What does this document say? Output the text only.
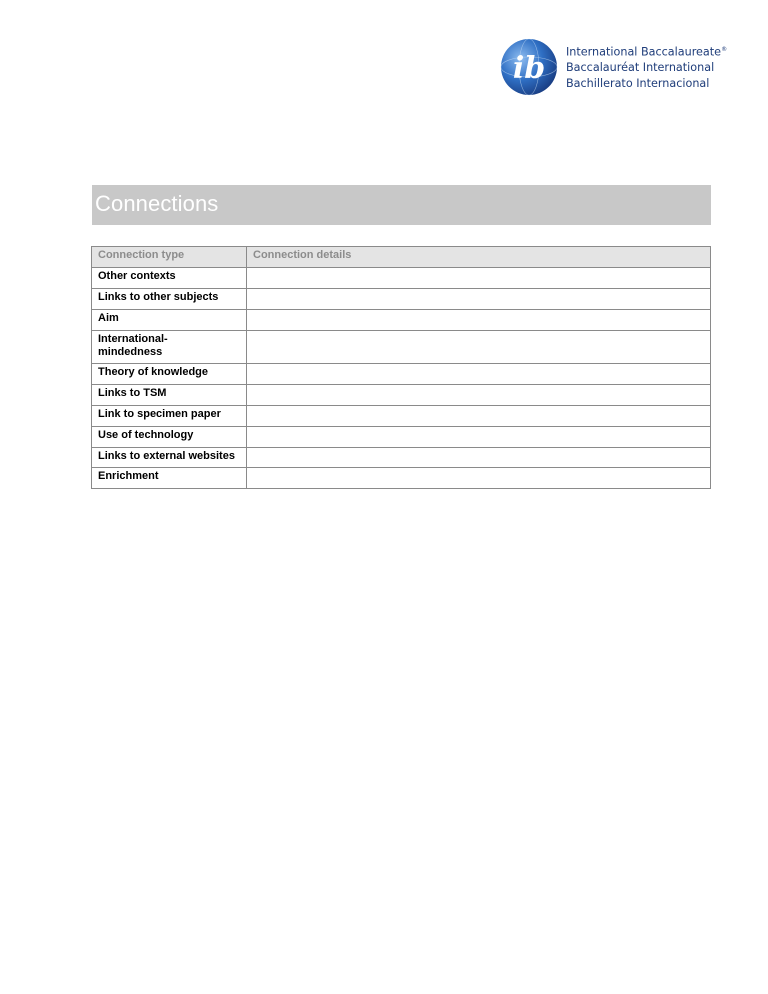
ib International Baccalaureate®
Baccalauréat International
Bachillerato Internacional
Connections
Connection type	Connection details
Other contexts	
Links to other subjects	
Aim	
International-
mindedness	
Theory of knowledge	
Links to TSM	
Link to specimen paper	
Use of technology	
Links to external websites	
Enrichment	
